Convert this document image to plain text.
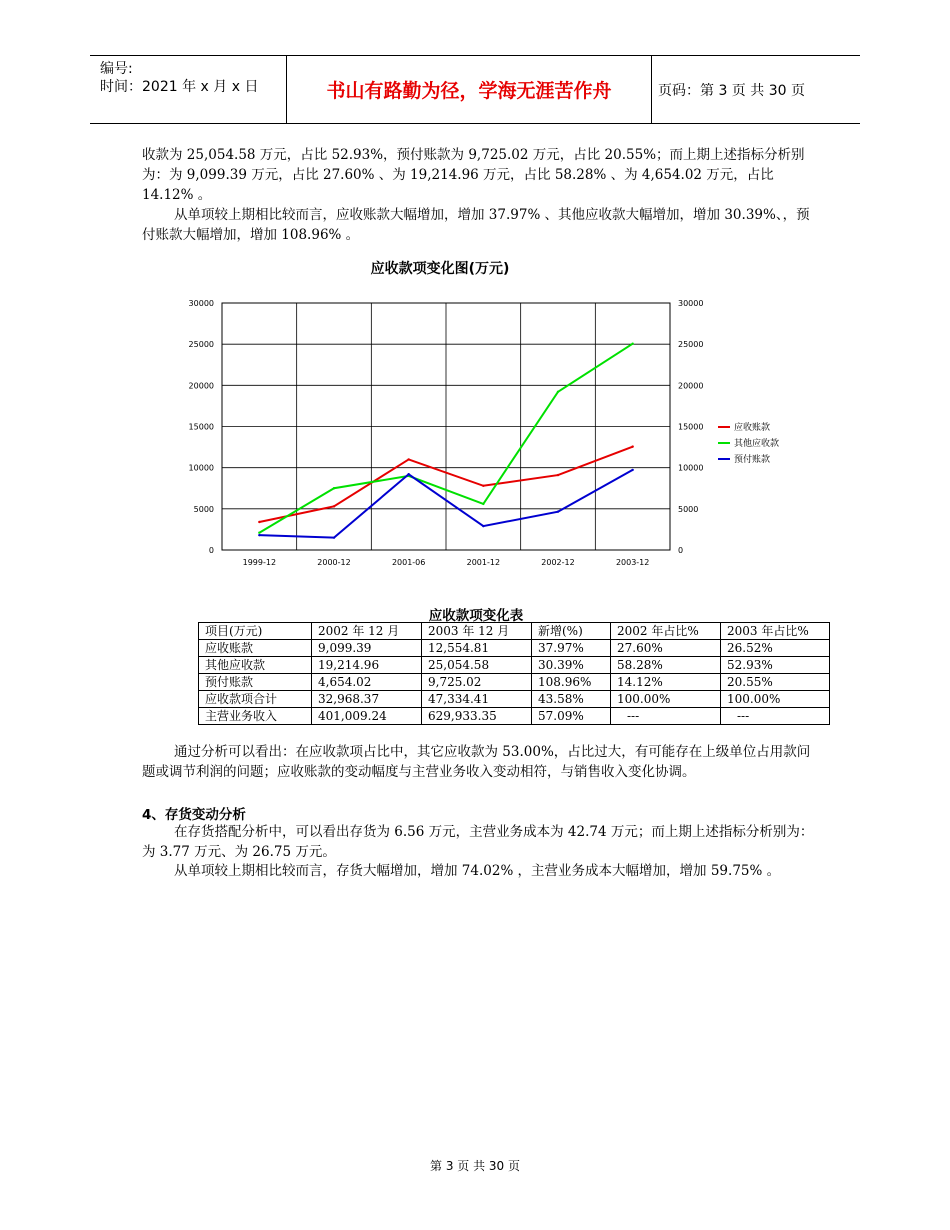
编号:
时间：2021 年 x 月 x 日	书山有路勤为径，学海无涯苦作舟	页码：第 3 页 共 30 页
收款为 25,054.58 万元，占比 52.93%，预付账款为 9,725.02 万元，占比 20.55%；而上期上述指标分析别为：为 9,099.39 万元，占比 27.60% 、为 19,214.96 万元，占比 58.28% 、为 4,654.02 万元，占比 14.12% 。
从单项较上期相比较而言，应收账款大幅增加，增加 37.97% 、其他应收款大幅增加，增加 30.39%、，预付账款大幅增加，增加 108.96% 。
应收款项变化图(万元)
0	0
5000	5000
10000	10000
15000	15000
20000	20000
25000	25000
30000	30000
1999-12	2000-12	2001-06	2001-12	2002-12	2003-12
应收账款
其他应收款
预付账款
应收款项变化表
项目(万元)	2002 年 12 月	2003 年 12 月	新增(%)	2002 年占比%	2003 年占比%
应收账款	9,099.39	12,554.81	37.97%	27.60%	26.52%
其他应收款	19,214.96	25,054.58	30.39%	58.28%	52.93%
预付账款	4,654.02	9,725.02	108.96%	14.12%	20.55%
应收款项合计	32,968.37	47,334.41	43.58%	100.00%	100.00%
主营业务收入	401,009.24	629,933.35	57.09%	---	---
通过分析可以看出：在应收款项占比中，其它应收款为 53.00%，占比过大，有可能存在上级单位占用款问题或调节利润的问题；应收账款的变动幅度与主营业务收入变动相符，与销售收入变化协调。
4、存货变动分析
在存货搭配分析中，可以看出存货为 6.56 万元，主营业务成本为 42.74 万元；而上期上述指标分析别为：为 3.77 万元、为 26.75 万元。
从单项较上期相比较而言，存货大幅增加，增加 74.02% ，主营业务成本大幅增加，增加 59.75% 。
第 3 页 共 30 页
